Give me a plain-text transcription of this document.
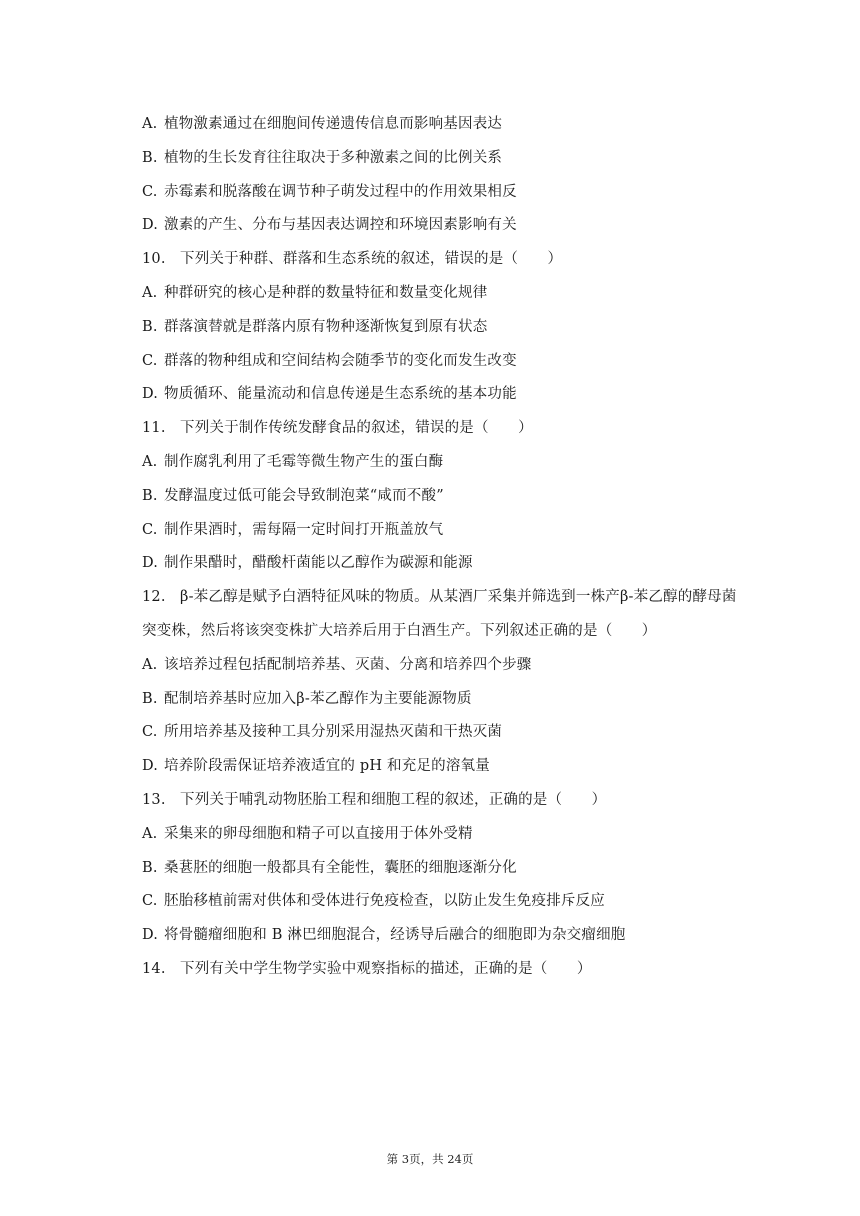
A. 植物激素通过在细胞间传递遗传信息而影响基因表达
B. 植物的生长发育往往取决于多种激素之间的比例关系
C. 赤霉素和脱落酸在调节种子萌发过程中的作用效果相反
D. 激素的产生、分布与基因表达调控和环境因素影响有关
10. 下列关于种群、群落和生态系统的叙述，错误的是（　　）
A. 种群研究的核心是种群的数量特征和数量变化规律
B. 群落演替就是群落内原有物种逐渐恢复到原有状态
C. 群落的物种组成和空间结构会随季节的变化而发生改变
D. 物质循环、能量流动和信息传递是生态系统的基本功能
11. 下列关于制作传统发酵食品的叙述，错误的是（　　）
A. 制作腐乳利用了毛霉等微生物产生的蛋白酶
B. 发酵温度过低可能会导致制泡菜“咸而不酸”
C. 制作果酒时，需每隔一定时间打开瓶盖放气
D. 制作果醋时，醋酸杆菌能以乙醇作为碳源和能源
12. β-苯乙醇是赋予白酒特征风味的物质。从某酒厂采集并筛选到一株产β-苯乙醇的酵母菌
突变株，然后将该突变株扩大培养后用于白酒生产。下列叙述正确的是（　　）
A. 该培养过程包括配制培养基、灭菌、分离和培养四个步骤
B. 配制培养基时应加入β-苯乙醇作为主要能源物质
C. 所用培养基及接种工具分别采用湿热灭菌和干热灭菌
D. 培养阶段需保证培养液适宜的 pH 和充足的溶氧量
13. 下列关于哺乳动物胚胎工程和细胞工程的叙述，正确的是（　　）
A. 采集来的卵母细胞和精子可以直接用于体外受精
B. 桑葚胚的细胞一般都具有全能性，囊胚的细胞逐渐分化
C. 胚胎移植前需对供体和受体进行免疫检查，以防止发生免疫排斥反应
D. 将骨髓瘤细胞和 B 淋巴细胞混合，经诱导后融合的细胞即为杂交瘤细胞
14. 下列有关中学生物学实验中观察指标的描述，正确的是（　　）
第 3页，共 24页
